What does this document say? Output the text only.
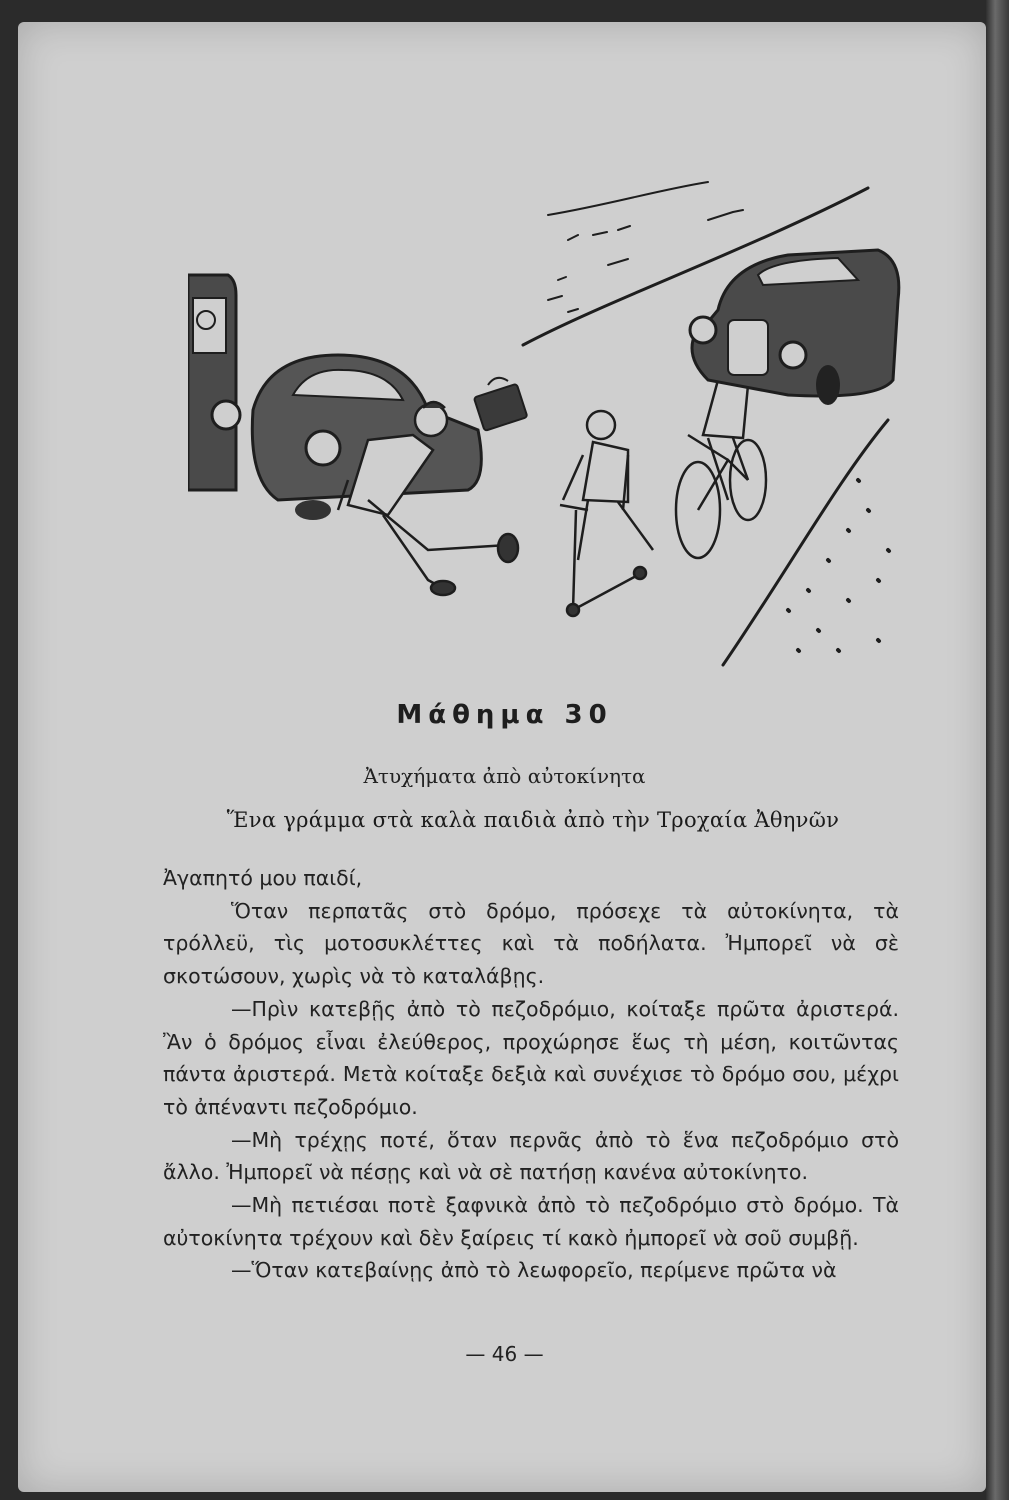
Μάθημα 30
Ἀτυχήματα ἀπὸ αὐτοκίνητα
Ἕνα γράμμα στὰ καλὰ παιδιὰ ἀπὸ τὴν Τροχαία Ἀθηνῶν

Ἀγαπητό μου παιδί,

Ὅταν περπατᾶς στὸ δρόμο, πρόσεχε τὰ αὐτοκίνητα, τὰ τρόλλεϋ, τὶς μοτοσυκλέττες καὶ τὰ ποδήλατα. Ἠμπορεῖ νὰ σὲ σκοτώσουν, χωρὶς νὰ τὸ καταλάβῃς.

—Πρὶν κατεβῇς ἀπὸ τὸ πεζοδρόμιο, κοίταξε πρῶτα ἀριστερά. Ἂν ὁ δρόμος εἶναι ἐλεύθερος, προχώρησε ἕως τὴ μέση, κοιτῶντας πάντα ἀριστερά. Μετὰ κοίταξε δεξιὰ καὶ συνέχισε τὸ δρόμο σου, μέχρι τὸ ἀπέναντι πεζοδρόμιο.

—Μὴ τρέχῃς ποτέ, ὅταν περνᾶς ἀπὸ τὸ ἕνα πεζοδρόμιο στὸ ἄλλο. Ἠμπορεῖ νὰ πέσῃς καὶ νὰ σὲ πατήσῃ κανένα αὐτοκίνητο.

—Μὴ πετιέσαι ποτὲ ξαφνικὰ ἀπὸ τὸ πεζοδρόμιο στὸ δρόμο. Τὰ αὐτοκίνητα τρέχουν καὶ δὲν ξαίρεις τί κακὸ ἠμπορεῖ νὰ σοῦ συμβῇ.

—Ὅταν κατεβαίνῃς ἀπὸ τὸ λεωφορεῖο, περίμενε πρῶτα νὰ

— 46 —
